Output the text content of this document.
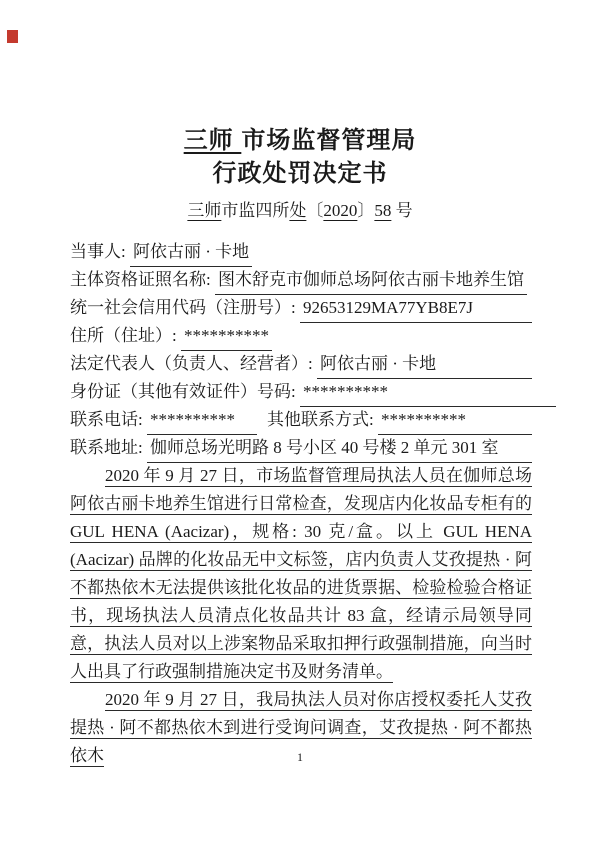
三师 市场监督管理局
行政处罚决定书
三师市监四所处〔2020〕58 号
当事人: 阿依古丽 · 卡地
主体资格证照名称: 图木舒克市伽师总场阿依古丽卡地养生馆
统一社会信用代码（注册号）: 92653129MA77YB8E7J
住所（住址）: **********
法定代表人（负责人、经营者）: 阿依古丽 · 卡地
身份证（其他有效证件）号码: **********
联系电话: **********	其他联系方式: **********
联系地址: 伽师总场光明路 8 号小区 40 号楼 2 单元 301 室

2020 年 9 月 27 日，市场监督管理局执法人员在伽师总场阿依古丽卡地养生馆进行日常检查，发现店内化妆品专柜有的 GUL HENA (Aacizar)，规格: 30 克/盒。以上 GUL HENA (Aacizar) 品牌的化妆品无中文标签，店内负责人艾孜提热 · 阿不都热依木无法提供该批化妆品的进货票据、检验检验合格证书，现场执法人员清点化妆品共计 83 盒，经请示局领导同意，执法人员对以上涉案物品采取扣押行政强制措施，向当时人出具了行政强制措施决定书及财务清单。

2020 年 9 月 27 日，我局执法人员对你店授权委托人艾孜提热 · 阿不都热依木到进行受询问调查，艾孜提热 · 阿不都热依木	1
